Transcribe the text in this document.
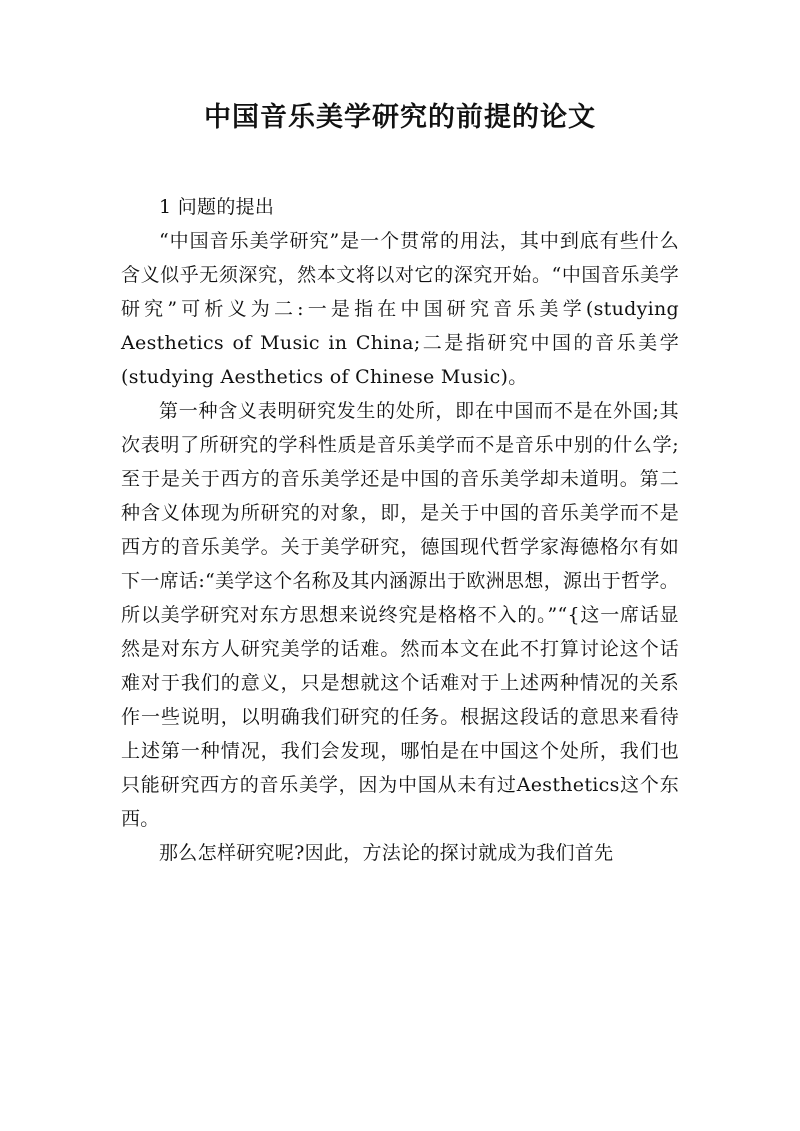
中国音乐美学研究的前提的论文

1 问题的提出

“中国音乐美学研究”是一个贯常的用法，其中到底有些什么含义似乎无须深究，然本文将以对它的深究开始。“中国音乐美学研究”可析义为二:一是指在中国研究音乐美学(studying Aesthetics of Music in China;二是指研究中国的音乐美学(studying Aesthetics of Chinese Music)。

第一种含义表明研究发生的处所，即在中国而不是在外国;其次表明了所研究的学科性质是音乐美学而不是音乐中别的什么学;至于是关于西方的音乐美学还是中国的音乐美学却未道明。第二种含义体现为所研究的对象，即，是关于中国的音乐美学而不是西方的音乐美学。关于美学研究，德国现代哲学家海德格尔有如下一席话:“美学这个名称及其内涵源出于欧洲思想，源出于哲学。所以美学研究对东方思想来说终究是格格不入的。”“{这一席话显然是对东方人研究美学的话难。然而本文在此不打算讨论这个话难对于我们的意义，只是想就这个话难对于上述两种情况的关系作一些说明，以明确我们研究的任务。根据这段话的意思来看待上述第一种情况，我们会发现，哪怕是在中国这个处所，我们也只能研究西方的音乐美学，因为中国从未有过Aesthetics这个东西。

那么怎样研究呢?因此，方法论的探讨就成为我们首先
